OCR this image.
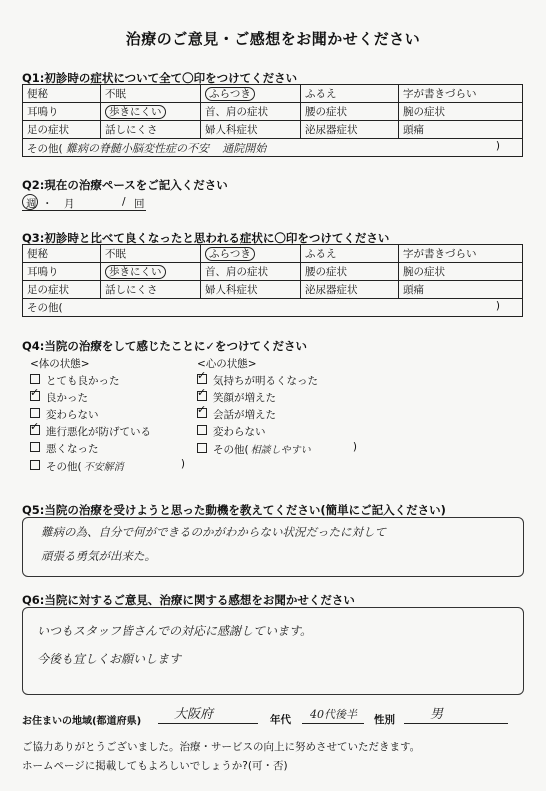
治療のご意見・ご感想をお聞かせください
Q1:初診時の症状について全て〇印をつけてください
便秘	不眠	ふらつき	ふるえ	字が書きづらい
耳鳴り	歩きにくい	首、肩の症状	腰の症状	腕の症状
足の症状	話しにくさ	婦人科症状	泌尿器症状	頭痛
その他( 難病の脊髄小脳変性症の不安 通院開始 )				
Q2:現在の治療ペースをご記入ください
週 ・ 月	/ 回
Q3:初診時と比べて良くなったと思われる症状に〇印をつけてください
便秘	不眠	ふらつき	ふるえ	字が書きづらい
耳鳴り	歩きにくい	首、肩の症状	腰の症状	腕の症状
足の症状	話しにくさ	婦人科症状	泌尿器症状	頭痛
その他( )				
Q4:当院の治療をして感じたことに✓をつけてください
<体の状態>	<心の状態>
とても良かった
✓ 良かった
変わらない
✓ 進行悪化が防げている
悪くなった
その他( 不安解消	)
✓ 気持ちが明るくなった
✓ 笑顔が増えた
✓ 会話が増えた
変わらない
その他( 相談しやすい	)
Q5:当院の治療を受けようと思った動機を教えてください(簡単にご記入ください)
難病の為、自分で何ができるのかがわからない状況だったに対して
頑張る勇気が出来た。
Q6:当院に対するご意見、治療に関する感想をお聞かせください
いつもスタッフ皆さんでの対応に感謝しています。
今後も宜しくお願いします
お住まいの地域(都道府県)	大阪府	年代 40代後半 性別	男
ご協力ありがとうございました。治療・サービスの向上に努めさせていただきます。
ホームページに掲載してもよろしいでしょうか?(可・否)
